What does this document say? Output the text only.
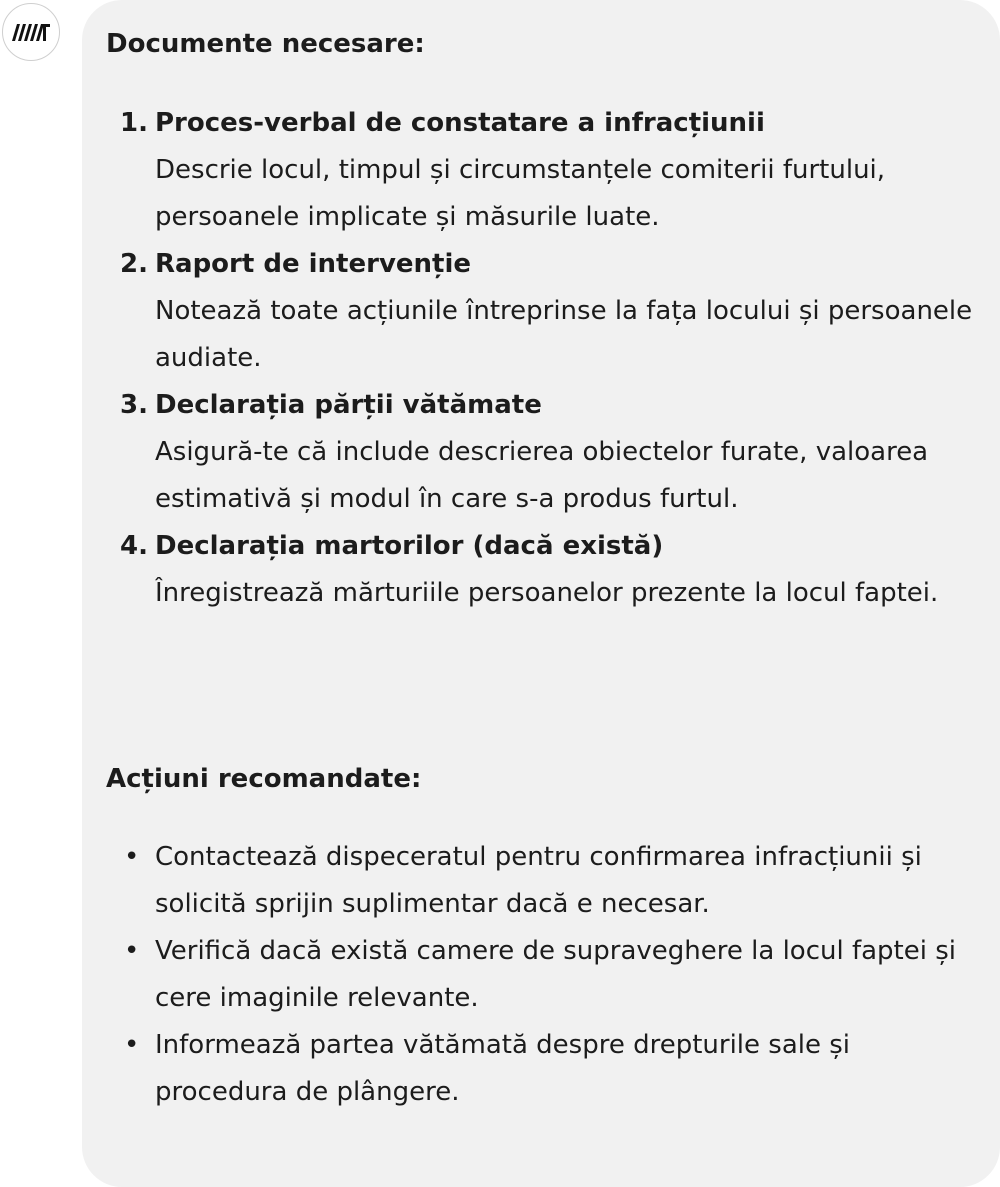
Documente necesare:
1. Proces-verbal de constatare a infracțiunii
Descrie locul, timpul și circumstanțele comiterii furtului, persoanele implicate și măsurile luate.
2. Raport de intervenție
Notează toate acțiunile întreprinse la fața locului și persoanele audiate.
3. Declarația părții vătămate
Asigură-te că include descrierea obiectelor furate, valoarea estimativă și modul în care s-a produs furtul.
4. Declarația martorilor (dacă există)
Înregistrează mărturiile persoanelor prezente la locul faptei.
Acțiuni recomandate:
• Contactează dispeceratul pentru confirmarea infracțiunii și solicită sprijin suplimentar dacă e necesar.
• Verifică dacă există camere de supraveghere la locul faptei și cere imaginile relevante.
• Informează partea vătămată despre drepturile sale și procedura de plângere.
